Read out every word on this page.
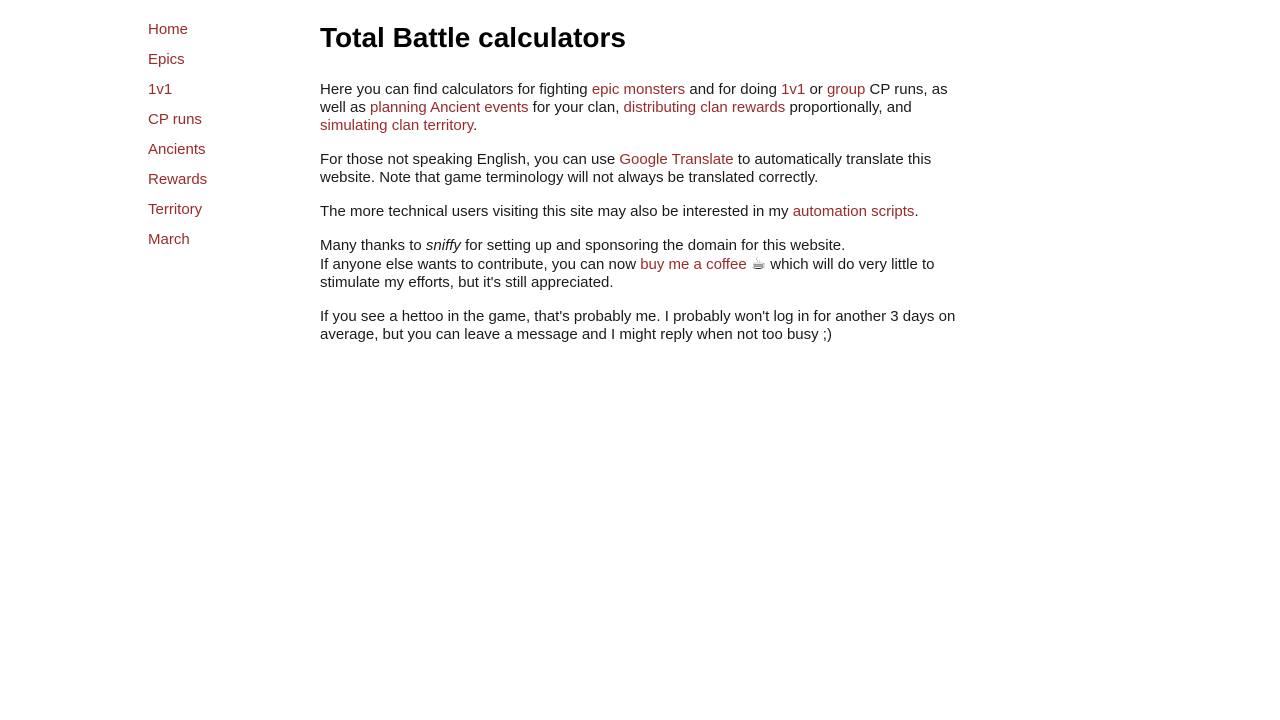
Home
Epics
1v1
CP runs
Ancients
Rewards
Territory
March
Total Battle calculators

Here you can find calculators for fighting epic monsters and for doing 1v1 or group CP runs, as well as planning Ancient events for your clan, distributing clan rewards proportionally, and simulating clan territory.

For those not speaking English, you can use Google Translate to automatically translate this website. Note that game terminology will not always be translated correctly.

The more technical users visiting this site may also be interested in my automation scripts.

Many thanks to sniffy for setting up and sponsoring the domain for this website.
If anyone else wants to contribute, you can now buy me a coffee ☕ which will do very little to stimulate my efforts, but it's still appreciated.

If you see a hettoo in the game, that's probably me. I probably won't log in for another 3 days on average, but you can leave a message and I might reply when not too busy ;)
